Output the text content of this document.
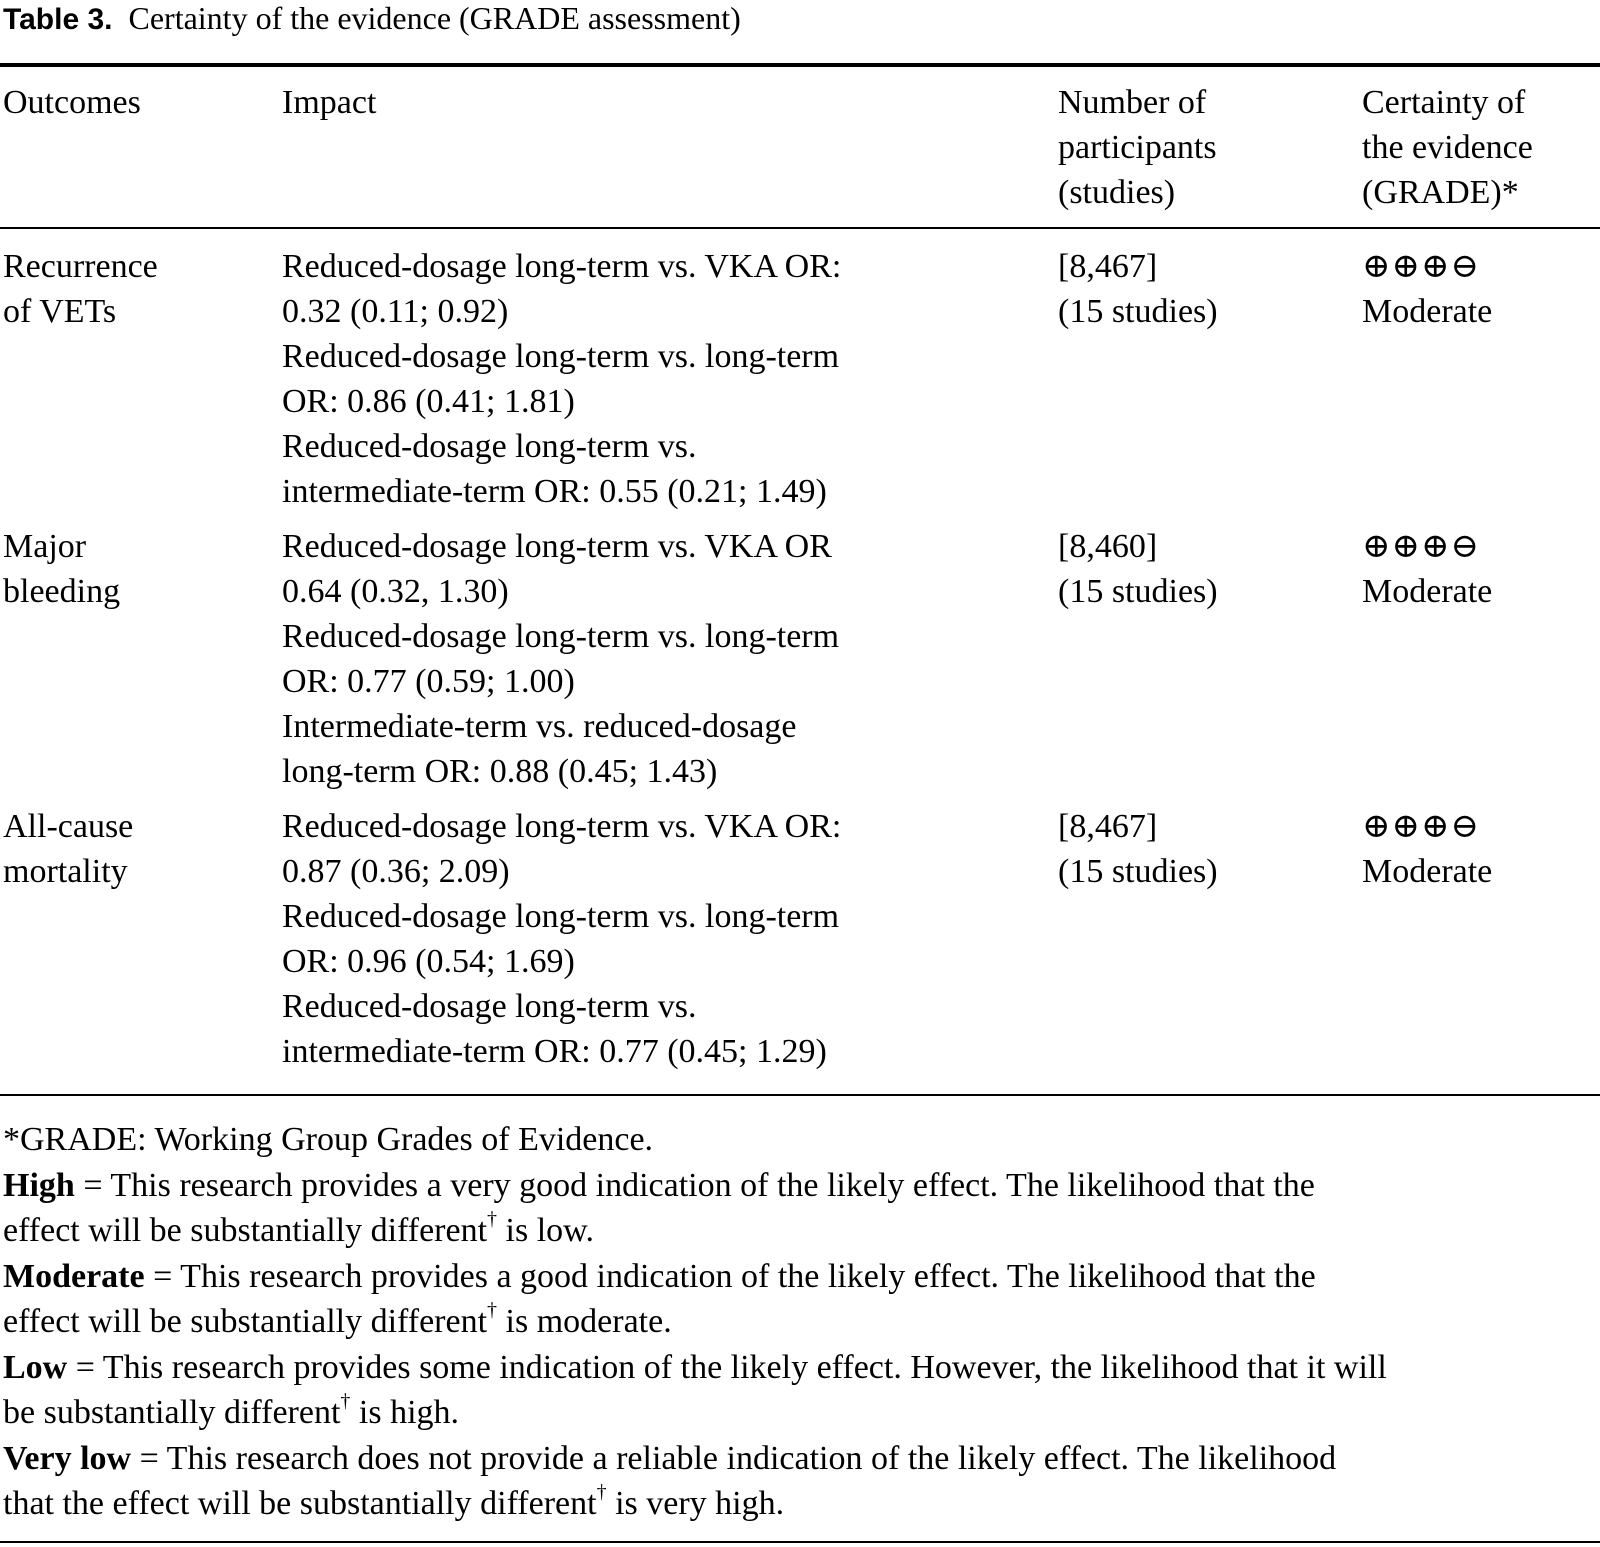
Table 3. Certainty of the evidence (GRADE assessment)
Outcomes	Impact	Number of
participants
(studies)
Certainty of
the evidence
(GRADE)*
Recurrence
of VETs
Reduced-dosage long-term vs. VKA OR:
0.32 (0.11; 0.92)
Reduced-dosage long-term vs. long-term
OR: 0.86 (0.41; 1.81)
Reduced-dosage long-term vs.
intermediate-term OR: 0.55 (0.21; 1.49)
[8,467]
(15 studies)
⊕⊕⊕⊖
Moderate
Major
bleeding
Reduced-dosage long-term vs. VKA OR
0.64 (0.32, 1.30)
Reduced-dosage long-term vs. long-term
OR: 0.77 (0.59; 1.00)
Intermediate-term vs. reduced-dosage
long-term OR: 0.88 (0.45; 1.43)
[8,460]
(15 studies)
⊕⊕⊕⊖
Moderate
All-cause
mortality
Reduced-dosage long-term vs. VKA OR:
0.87 (0.36; 2.09)
Reduced-dosage long-term vs. long-term
OR: 0.96 (0.54; 1.69)
Reduced-dosage long-term vs.
intermediate-term OR: 0.77 (0.45; 1.29)
[8,467]
(15 studies)
⊕⊕⊕⊖
Moderate
*GRADE: Working Group Grades of Evidence.
High = This research provides a very good indication of the likely effect. The likelihood that the
effect will be substantially different† is low.
Moderate = This research provides a good indication of the likely effect. The likelihood that the
effect will be substantially different† is moderate.
Low = This research provides some indication of the likely effect. However, the likelihood that it will
be substantially different† is high.
Very low = This research does not provide a reliable indication of the likely effect. The likelihood
that the effect will be substantially different† is very high.
